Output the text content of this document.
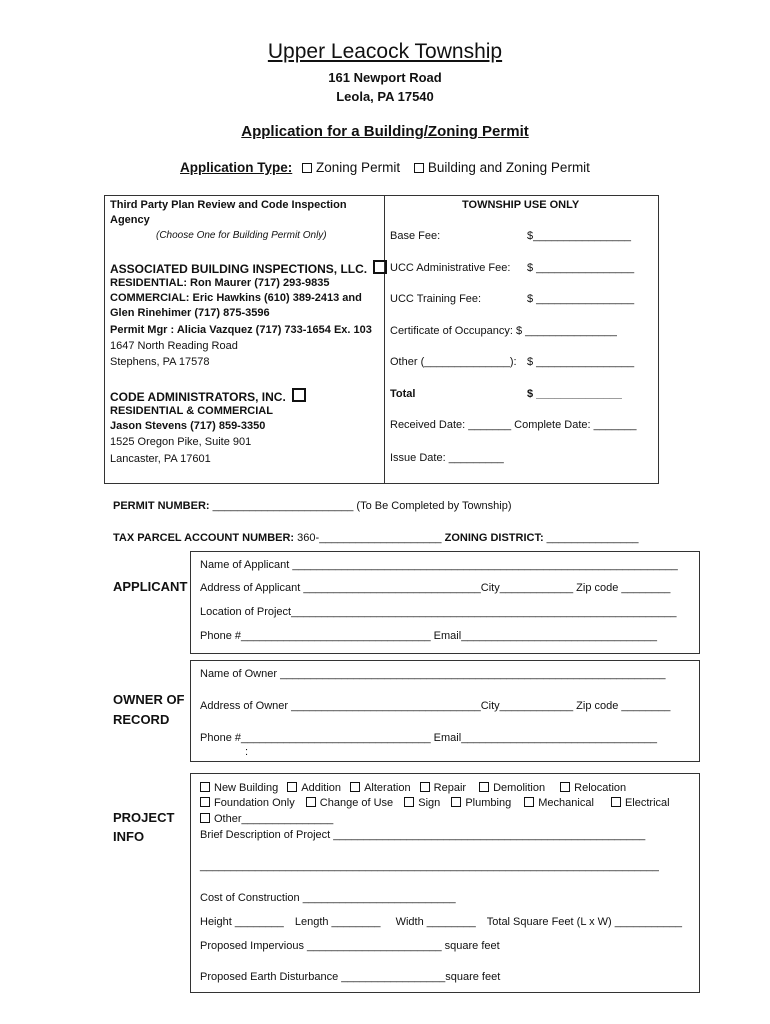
Upper Leacock Township
161 Newport Road
Leola, PA 17540
Application for a Building/Zoning Permit
Application Type: Zoning Permit Building and Zoning Permit
Third Party Plan Review and Code Inspection
Agency
(Choose One for Building Permit Only)
ASSOCIATED BUILDING INSPECTIONS, LLC.
RESIDENTIAL: Ron Maurer (717) 293-9835
COMMERCIAL: Eric Hawkins (610) 389-2413 and
Glen Rinehimer (717) 875-3596
Permit Mgr : Alicia Vazquez (717) 733-1654 Ex. 103
1647 North Reading Road
Stephens, PA 17578
CODE ADMINISTRATORS, INC.
RESIDENTIAL & COMMERCIAL
Jason Stevens (717) 859-3350
1525 Oregon Pike, Suite 901
Lancaster, PA 17601
TOWNSHIP USE ONLY
Base Fee:	$________________
UCC Administrative Fee: $ ________________
UCC Training Fee:	$ ________________
Certificate of Occupancy: $ _______________
Other (______________): $ ________________
Total	$ ______________
Received Date: _______ Complete Date: _______
Issue Date: _________
PERMIT NUMBER: _______________________ (To Be Completed by Township)
TAX PARCEL ACCOUNT NUMBER: 360-____________________ ZONING DISTRICT: _______________
APPLICANT
Name of Applicant _______________________________________________________________
Address of Applicant _____________________________City____________ Zip code ________
Location of Project_______________________________________________________________
Phone #_______________________________ Email________________________________
OWNER OF
RECORD
Name of Owner _______________________________________________________________
Address of Owner _______________________________City____________ Zip code ________
Phone #_______________________________ Email________________________________
:
PROJECT
INFO
New Building Addition Alteration Repair Demolition	Relocation
Foundation Only Change of Use Sign Plumbing Mechanical	Electrical
Other_______________
Brief Description of Project ___________________________________________________
___________________________________________________________________________
Cost of Construction _________________________
Height ________ Length ________ Width ________ Total Square Feet (L x W) ___________
Proposed Impervious ______________________ square feet
Proposed Earth Disturbance _________________square feet
